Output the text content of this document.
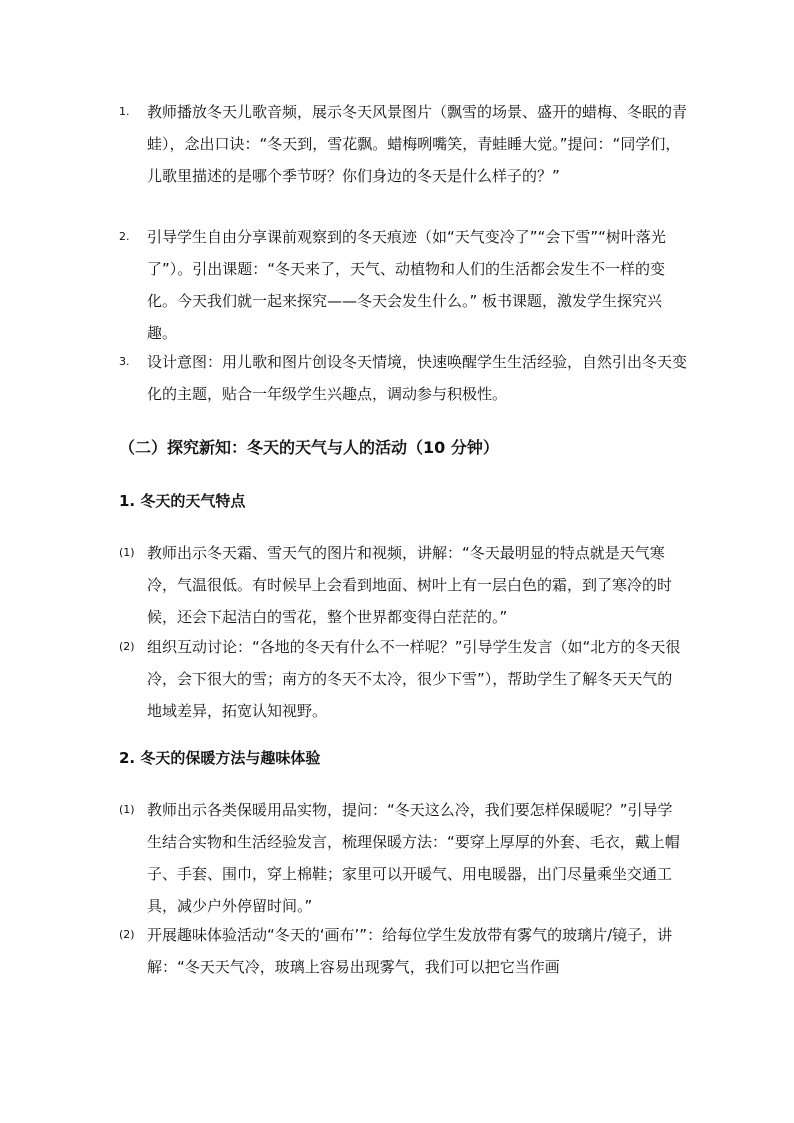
1. 教师播放冬天儿歌音频，展示冬天风景图片（飘雪的场景、盛开的蜡梅、冬眠的青蛙），念出口诀：“冬天到，雪花飘。蜡梅咧嘴笑，青蛙睡大觉。”提问：“同学们，儿歌里描述的是哪个季节呀？你们身边的冬天是什么样子的？”
2. 引导学生自由分享课前观察到的冬天痕迹（如“天气变冷了”“会下雪”“树叶落光了”）。引出课题：“冬天来了，天气、动植物和人们的生活都会发生不一样的变化。今天我们就一起来探究——冬天会发生什么。” 板书课题，激发学生探究兴趣。
3. 设计意图：用儿歌和图片创设冬天情境，快速唤醒学生生活经验，自然引出冬天变化的主题，贴合一年级学生兴趣点，调动参与积极性。
（二）探究新知：冬天的天气与人的活动（10 分钟）
1. 冬天的天气特点
(1) 教师出示冬天霜、雪天气的图片和视频，讲解：“冬天最明显的特点就是天气寒冷，气温很低。有时候早上会看到地面、树叶上有一层白色的霜，到了寒冷的时候，还会下起洁白的雪花，整个世界都变得白茫茫的。”
(2) 组织互动讨论：“各地的冬天有什么不一样呢？”引导学生发言（如“北方的冬天很冷，会下很大的雪；南方的冬天不太冷，很少下雪”），帮助学生了解冬天天气的地域差异，拓宽认知视野。
2. 冬天的保暖方法与趣味体验
(1) 教师出示各类保暖用品实物，提问：“冬天这么冷，我们要怎样保暖呢？”引导学生结合实物和生活经验发言，梳理保暖方法：“要穿上厚厚的外套、毛衣，戴上帽子、手套、围巾，穿上棉鞋；家里可以开暖气、用电暖器，出门尽量乘坐交通工具，减少户外停留时间。”
(2) 开展趣味体验活动“冬天的‘画布’”：给每位学生发放带有雾气的玻璃片/镜子，讲解：“冬天天气冷，玻璃上容易出现雾气，我们可以把它当作画
